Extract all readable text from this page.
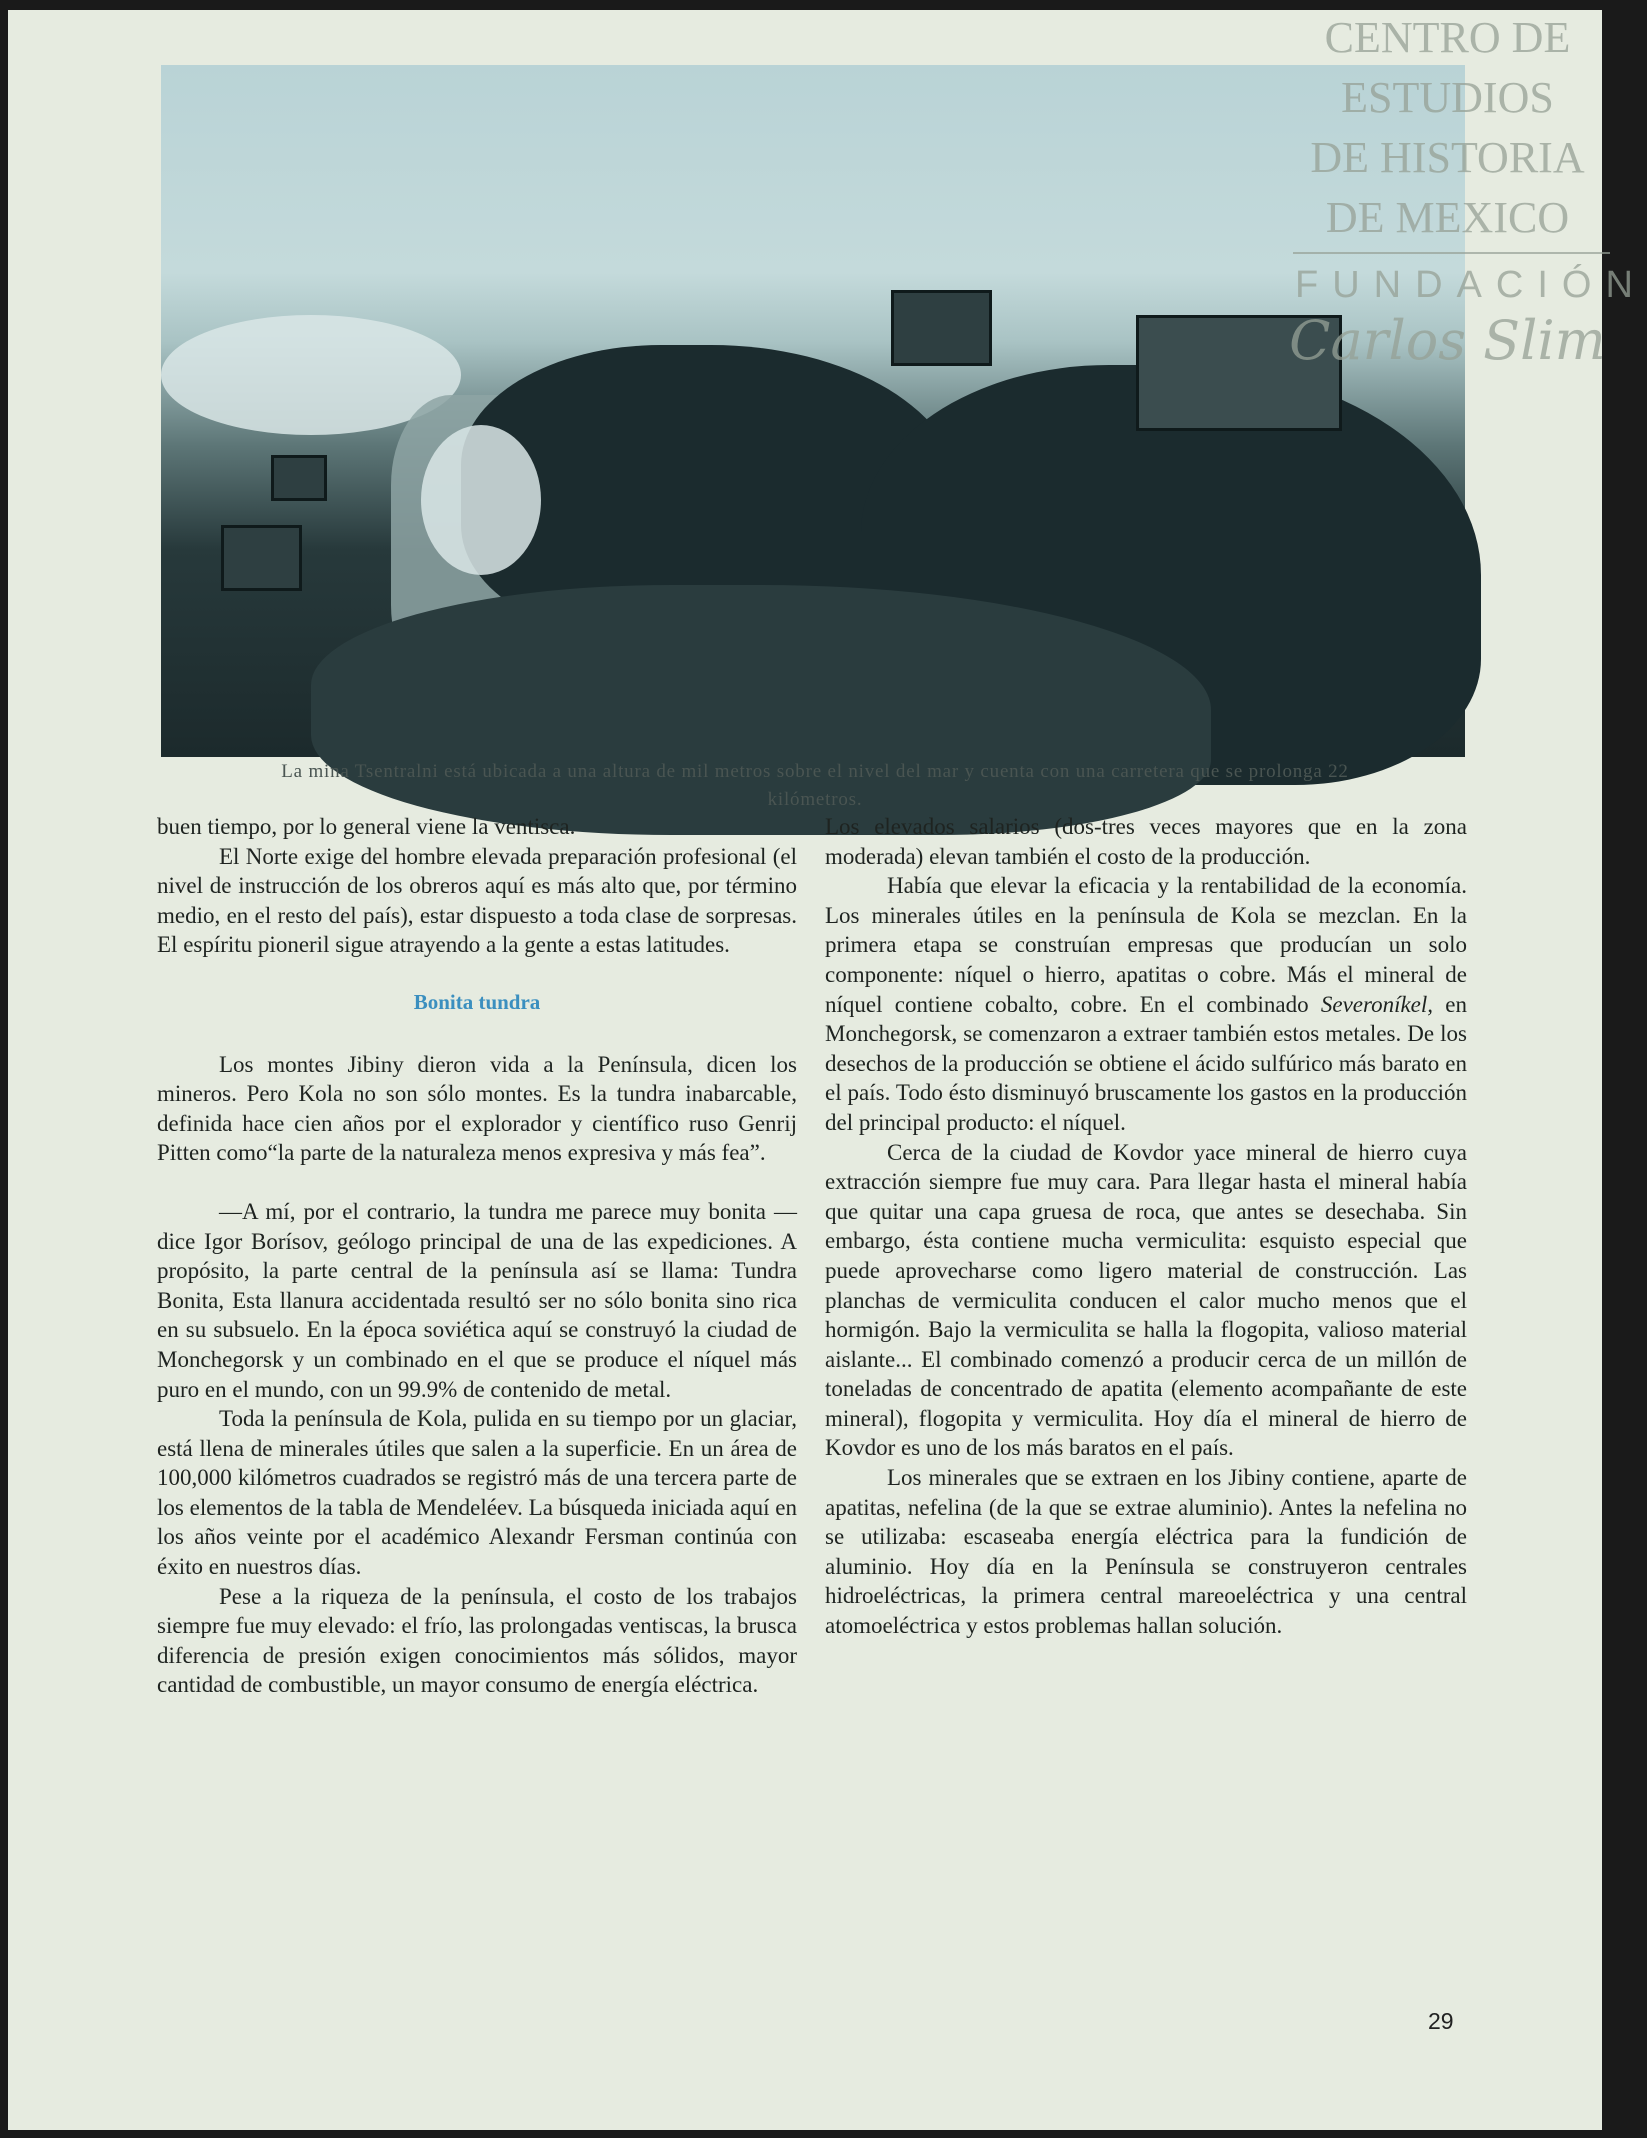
La mina Tsentralni está ubicada a una altura de mil metros sobre el nivel del mar y cuenta con una carretera que se prolonga 22 kilómetros.

buen tiempo, por lo general viene la ventisca.

El Norte exige del hombre elevada preparación profesional (el nivel de instrucción de los obreros aquí es más alto que, por término medio, en el resto del país), estar dispuesto a toda clase de sorpresas. El espíritu pioneril sigue atrayendo a la gente a estas latitudes.

Bonita tundra

Los montes Jibiny dieron vida a la Península, dicen los mineros. Pero Kola no son sólo montes. Es la tundra inabarcable, definida hace cien años por el explorador y científico ruso Genrij Pitten como“la parte de la naturaleza menos expresiva y más fea”.

—A mí, por el contrario, la tundra me parece muy bonita —dice Igor Borísov, geólogo principal de una de las expediciones. A propósito, la parte central de la península así se llama: Tundra Bonita, Esta llanura accidentada resultó ser no sólo bonita sino rica en su subsuelo. En la época soviética aquí se construyó la ciudad de Monchegorsk y un combinado en el que se produce el níquel más puro en el mundo, con un 99.9% de contenido de metal.

Toda la península de Kola, pulida en su tiempo por un glaciar, está llena de minerales útiles que salen a la superficie. En un área de 100,000 kilómetros cuadrados se registró más de una tercera parte de los elementos de la tabla de Mendeléev. La búsqueda iniciada aquí en los años veinte por el académico Alexandr Fersman continúa con éxito en nuestros días.

Pese a la riqueza de la península, el costo de los trabajos siempre fue muy elevado: el frío, las prolongadas ventiscas, la brusca diferencia de presión exigen conocimientos más sólidos, mayor cantidad de combustible, un mayor consumo de energía eléctrica.

Los elevados salarios (dos-tres veces mayores que en la zona moderada) elevan también el costo de la producción.

Había que elevar la eficacia y la rentabilidad de la economía. Los minerales útiles en la península de Kola se mezclan. En la primera etapa se construían empresas que producían un solo componente: níquel o hierro, apatitas o cobre. Más el mineral de níquel contiene cobalto, cobre. En el combinado Severoníkel, en Monchegorsk, se comenzaron a extraer también estos metales. De los desechos de la producción se obtiene el ácido sulfúrico más barato en el país. Todo ésto disminuyó bruscamente los gastos en la producción del principal producto: el níquel.

Cerca de la ciudad de Kovdor yace mineral de hierro cuya extracción siempre fue muy cara. Para llegar hasta el mineral había que quitar una capa gruesa de roca, que antes se desechaba. Sin embargo, ésta contiene mucha vermiculita: esquisto especial que puede aprovecharse como ligero material de construcción. Las planchas de vermiculita conducen el calor mucho menos que el hormigón. Bajo la vermiculita se halla la flogopita, valioso material aislante... El combinado comenzó a producir cerca de un millón de toneladas de concentrado de apatita (elemento acompañante de este mineral), flogopita y vermiculita. Hoy día el mineral de hierro de Kovdor es uno de los más baratos en el país.

Los minerales que se extraen en los Jibiny contiene, aparte de apatitas, nefelina (de la que se extrae aluminio). Antes la nefelina no se utilizaba: escaseaba energía eléctrica para la fundición de aluminio. Hoy día en la Península se construyeron centrales hidroeléctricas, la primera central mareoeléctrica y una central atomoeléctrica y estos problemas hallan solución.

29
CENTRO DE
ESTUDIOS
DE HISTORIA
DE MEXICO
FUNDACIÓN
Carlos Slim
